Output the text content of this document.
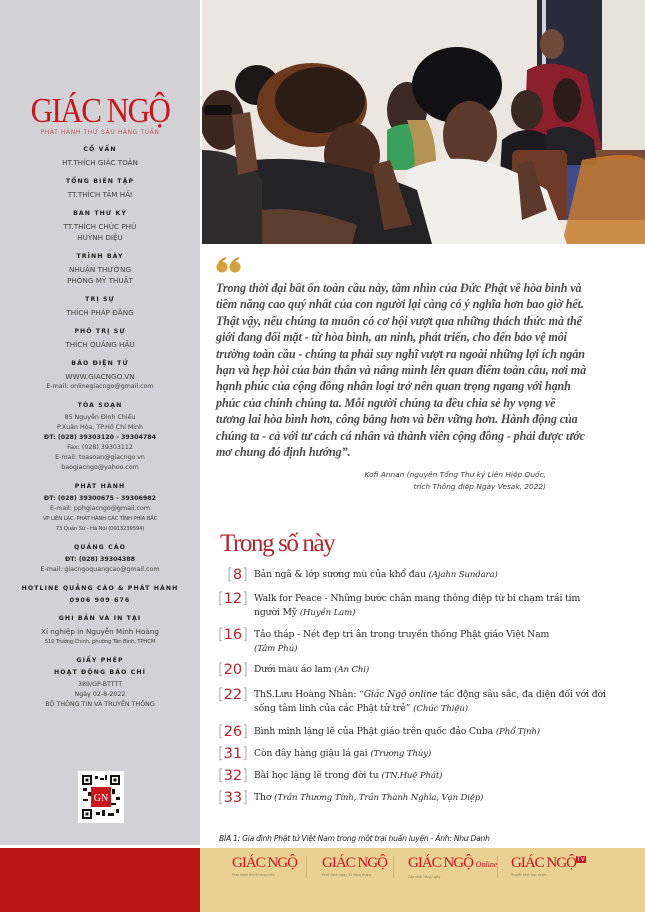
GIÁC NGỘ
PHÁT HÀNH THỨ SÁU HÀNG TUẦN
CỐ VẤN
HT.THÍCH GIÁC TOÀN
TỔNG BIÊN TẬP
TT.THÍCH TÂM HẢI
BAN THƯ KÝ
TT.THÍCH CHÚC PHÚ
HUỲNH DIỆU
TRÌNH BÀY
NHUẬN THƯỜNG
PHÒNG MỸ THUẬT
TRỊ SỰ
THÍCH PHÁP ĐĂNG
PHÓ TRỊ SỰ
THÍCH QUẢNG HẬU
BÁO ĐIỆN TỬ
WWW.GIACNGO.VN
E-mail: onlinegiacngo@gmail.com
TÒA SOẠN
85 Nguyễn Đình Chiểu
P.Xuân Hòa, TP.Hồ Chí Minh
ĐT: (028) 39303120 - 39304784
Fax: (028) 39303112
E-mail: toasoan@giacngo.vn
baogiacngo@yahoo.com
PHÁT HÀNH
ĐT: (028) 39300675 - 39306982
E-mail: pphgiacngo@gmail.com
VP LIÊN LẠC, PHÁT HÀNH CÁC TỈNH PHÍA BẮC
73 Quán Sứ - Hà Nội (0913239594)
QUẢNG CÁO
ĐT: (028) 39304388
E-mail: giacngoquangcao@gmail.com
HOTLINE QUẢNG CÁO & PHÁT HÀNH
0906 909 676
GHI BẢN VÀ IN TẠI
Xí nghiệp in Nguyễn Minh Hoàng
510 Trường Chinh, phường Tân Bình, TPHCM
GIẤY PHÉP
HOẠT ĐỘNG BÁO CHÍ
389/GP-BTTTT
Ngày 02-8-2022
BỘ THÔNG TIN VÀ TRUYỀN THÔNG
GN
Trong thời đại bất ổn toàn cầu này, tầm nhìn của Đức Phật về hòa bình và tiềm năng cao quý nhất của con người lại càng có ý nghĩa hơn bao giờ hết. Thật vậy, nếu chúng ta muốn có cơ hội vượt qua những thách thức mà thế giới đang đối mặt - từ hòa bình, an ninh, phát triển, cho đến bảo vệ môi trường toàn cầu - chúng ta phải suy nghĩ vượt ra ngoài những lợi ích ngắn hạn và hẹp hòi của bản thân và nâng mình lên quan điểm toàn cầu, nơi mà hạnh phúc của cộng đồng nhân loại trở nên quan trọng ngang với hạnh phúc của chính chúng ta. Mỗi người chúng ta đều chia sẻ hy vọng về tương lai hòa bình hơn, công bằng hơn và bền vững hơn. Hành động của chúng ta - cả với tư cách cá nhân và thành viên cộng đồng - phải được ước mơ chung đó định hướng”.
Kofi Annan (nguyên Tổng Thư ký Liên Hiệp Quốc,
trích Thông điệp Ngày Vesak, 2022)
Trong số này
[8] Bản ngã & lớp sương mù của khổ đau (Ajahn Sundara)
[12] Walk for Peace - Những bước chân mang thông điệp từ bi chạm trái tim người Mỹ (Huyền Lam)
[16] Tảo tháp - Nét đẹp tri ân trong truyền thống Phật giáo Việt Nam
(Tâm Phú)
[20] Dưới màu áo lam (An Chi)
[22] ThS.Lưu Hoàng Nhân: “Giác Ngộ online tác động sâu sắc, đa diện đối với đời sống tâm linh của các Phật tử trẻ” (Chúc Thiệu)
[26] Bình minh lặng lẽ của Phật giáo trên quốc đảo Cuba (Phổ Tịnh)
[31] Còn đây hàng giậu lá gai (Trương Thúy)
[32] Bài học lặng lẽ trong đời tu (TN.Huệ Phát)
[33] Thơ (Trần Thương Tính, Trần Thành Nghĩa, Vạn Diệp)
BÌA 1: Gia đình Phật tử Việt Nam trong một trại huấn luyện - Ảnh: Như Danh
GIÁC NGỘ
Phát hành thứ 6 hàng tuần
GIÁC NGỘ
Phát hành ngày 15 hàng tháng
GIÁC NGỘ Online
Cập nhật hàng ngày
GIÁC NGỘTV
Truyền hình trực tuyến
